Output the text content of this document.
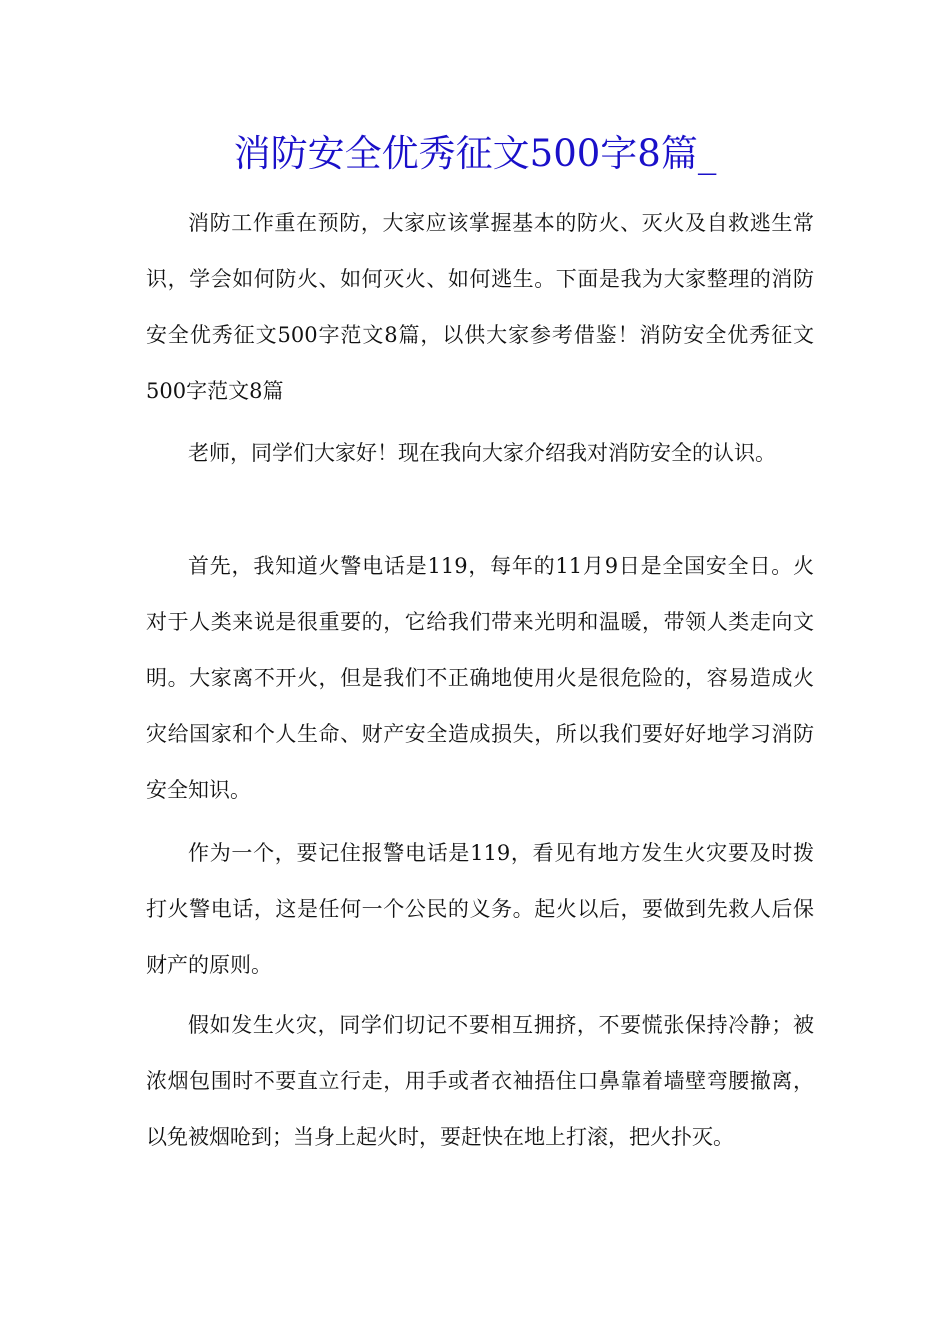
消防安全优秀征文500字8篇_

消防工作重在预防，大家应该掌握基本的防火、灭火及自救逃生常识，学会如何防火、如何灭火、如何逃生。下面是我为大家整理的消防安全优秀征文500字范文8篇，以供大家参考借鉴！消防安全优秀征文500字范文8篇

老师，同学们大家好！现在我向大家介绍我对消防安全的认识。

首先，我知道火警电话是119，每年的11月9日是全国安全日。火对于人类来说是很重要的，它给我们带来光明和温暖，带领人类走向文明。大家离不开火，但是我们不正确地使用火是很危险的，容易造成火灾给国家和个人生命、财产安全造成损失，所以我们要好好地学习消防安全知识。

作为一个，要记住报警电话是119，看见有地方发生火灾要及时拨打火警电话，这是任何一个公民的义务。起火以后，要做到先救人后保财产的原则。

假如发生火灾，同学们切记不要相互拥挤，不要慌张保持冷静；被浓烟包围时不要直立行走，用手或者衣袖捂住口鼻靠着墙壁弯腰撤离，以免被烟呛到；当身上起火时，要赶快在地上打滚，把火扑灭。
